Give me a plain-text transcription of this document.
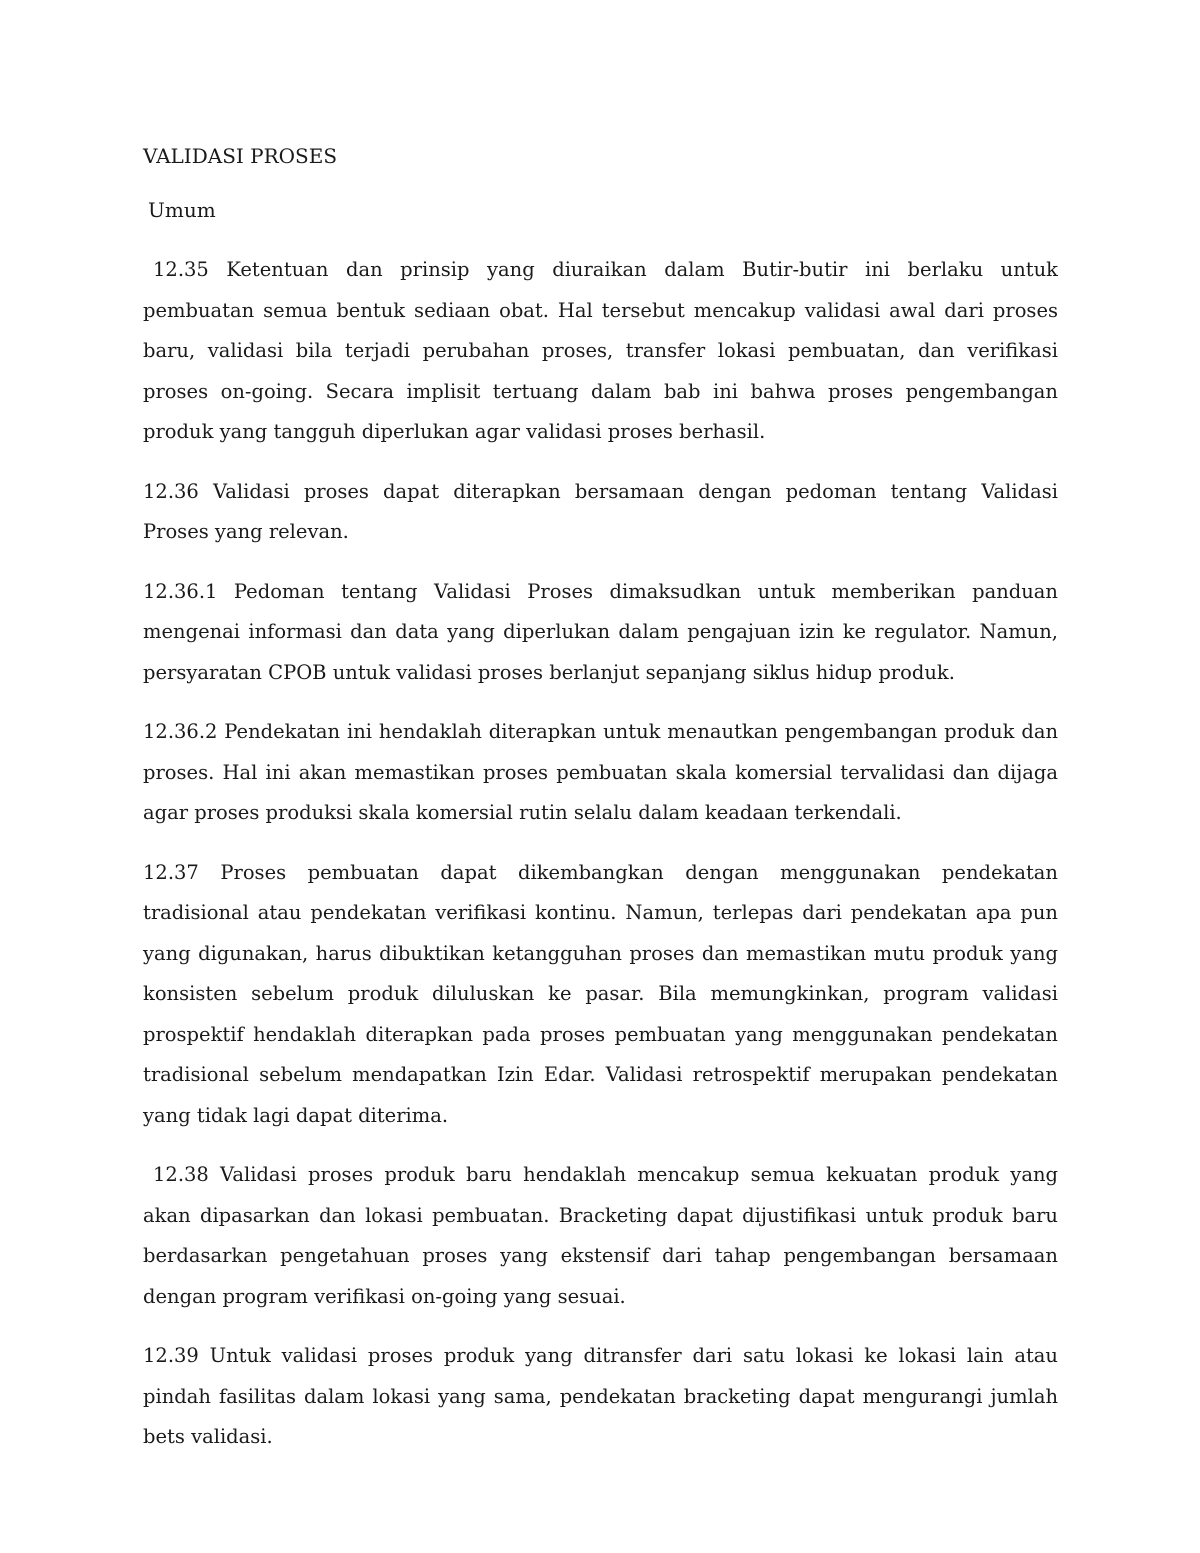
VALIDASI PROSES
Umum

12.35 Ketentuan dan prinsip yang diuraikan dalam Butir-butir ini berlaku untuk pembuatan semua bentuk sediaan obat. Hal tersebut mencakup validasi awal dari proses baru, validasi bila terjadi perubahan proses, transfer lokasi pembuatan, dan verifikasi proses on-going. Secara implisit tertuang dalam bab ini bahwa proses pengembangan produk yang tangguh diperlukan agar validasi proses berhasil.

12.36 Validasi proses dapat diterapkan bersamaan dengan pedoman tentang Validasi Proses yang relevan.

12.36.1 Pedoman tentang Validasi Proses dimaksudkan untuk memberikan panduan mengenai informasi dan data yang diperlukan dalam pengajuan izin ke regulator. Namun, persyaratan CPOB untuk validasi proses berlanjut sepanjang siklus hidup produk.

12.36.2 Pendekatan ini hendaklah diterapkan untuk menautkan pengembangan produk dan proses. Hal ini akan memastikan proses pembuatan skala komersial tervalidasi dan dijaga agar proses produksi skala komersial rutin selalu dalam keadaan terkendali.

12.37 Proses pembuatan dapat dikembangkan dengan menggunakan pendekatan tradisional atau pendekatan verifikasi kontinu. Namun, terlepas dari pendekatan apa pun yang digunakan, harus dibuktikan ketangguhan proses dan memastikan mutu produk yang konsisten sebelum produk diluluskan ke pasar. Bila memungkinkan, program validasi prospektif hendaklah diterapkan pada proses pembuatan yang menggunakan pendekatan tradisional sebelum mendapatkan Izin Edar. Validasi retrospektif merupakan pendekatan yang tidak lagi dapat diterima.

12.38 Validasi proses produk baru hendaklah mencakup semua kekuatan produk yang akan dipasarkan dan lokasi pembuatan. Bracketing dapat dijustifikasi untuk produk baru berdasarkan pengetahuan proses yang ekstensif dari tahap pengembangan bersamaan dengan program verifikasi on-going yang sesuai.

12.39 Untuk validasi proses produk yang ditransfer dari satu lokasi ke lokasi lain atau pindah fasilitas dalam lokasi yang sama, pendekatan bracketing dapat mengurangi jumlah bets validasi.
